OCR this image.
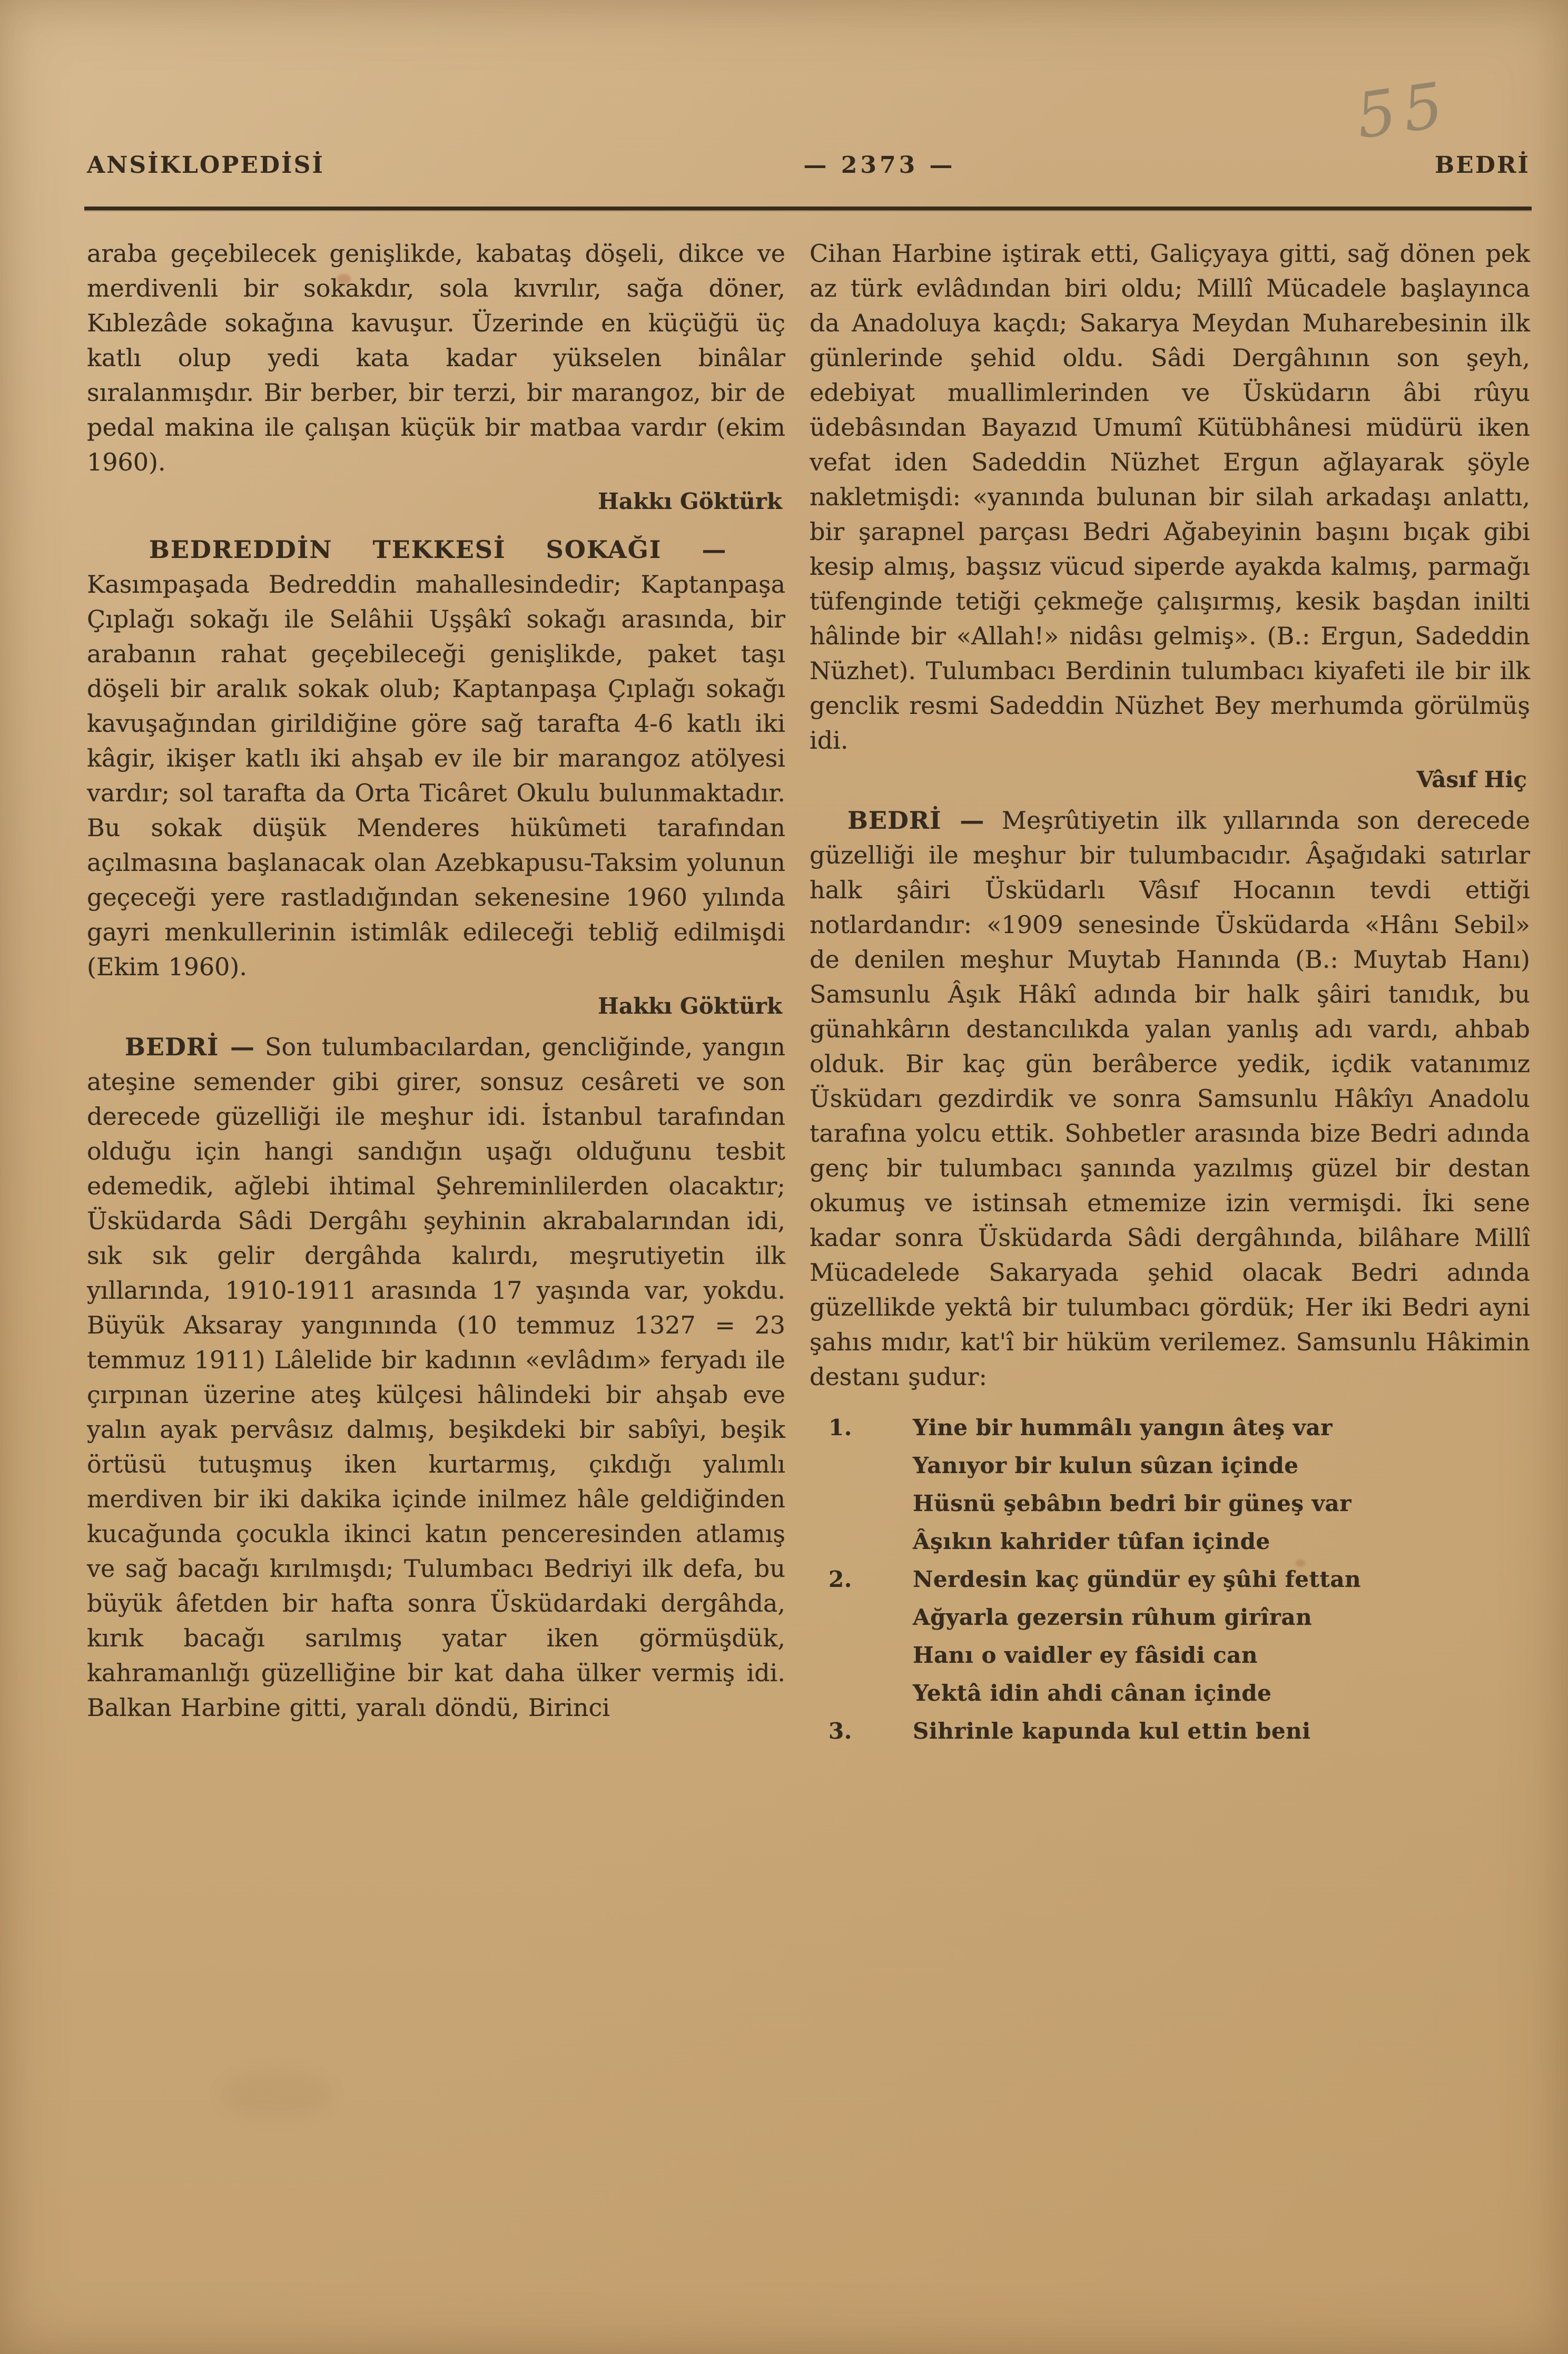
55
ANSİKLOPEDİSİ	— 2373 —	BEDRİ

araba geçebilecek genişlikde, kabataş döşeli, dikce ve merdivenli bir sokakdır, sola kıvrılır, sağa döner, Kıblezâde sokağına kavuşur. Üzerinde en küçüğü üç katlı olup yedi kata kadar yükselen binâlar sıralanmışdır. Bir berber, bir terzi, bir marangoz, bir de pedal makina ile çalışan küçük bir matbaa vardır (ekim 1960).

Hakkı Göktürk

BEDREDDİN TEKKESİ SOKAĞI —
Kasımpaşada Bedreddin mahallesindedir; Kaptanpaşa Çıplağı sokağı ile Selâhii Uşşâkî sokağı arasında, bir arabanın rahat geçebileceği genişlikde, paket taşı döşeli bir aralık sokak olub; Kaptanpaşa Çıplağı sokağı kavuşağından girildiğine göre sağ tarafta 4-6 katlı iki kâgir, ikişer katlı iki ahşab ev ile bir marangoz atölyesi vardır; sol tarafta da Orta Ticâret Okulu bulunmaktadır. Bu sokak düşük Menderes hükûmeti tarafından açılmasına başlanacak olan Azebkapusu-Taksim yolunun geçeceği yere rastladığından sekenesine 1960 yılında gayri menkullerinin istimlâk edileceği tebliğ edilmişdi (Ekim 1960).

Hakkı Göktürk

BEDRİ — Son tulumbacılardan, gencliğinde, yangın ateşine semender gibi girer, sonsuz cesâreti ve son derecede güzelliği ile meşhur idi. İstanbul tarafından olduğu için hangi sandığın uşağı olduğunu tesbit edemedik, ağlebi ihtimal Şehreminlilerden olacaktır; Üsküdarda Sâdi Dergâhı şeyhinin akrabalarından idi, sık sık gelir dergâhda kalırdı, meşrutiyetin ilk yıllarında, 1910-1911 arasında 17 yaşında var, yokdu. Büyük Aksaray yangınında (10 temmuz 1327 = 23 temmuz 1911) Lâlelide bir kadının «evlâdım» feryadı ile çırpınan üzerine ateş külçesi hâlindeki bir ahşab eve yalın ayak pervâsız dalmış, beşikdeki bir sabîyi, beşik örtüsü tutuşmuş iken kurtarmış, çıkdığı yalımlı merdiven bir iki dakika içinde inilmez hâle geldiğinden kucağunda çocukla ikinci katın penceresinden atlamış ve sağ bacağı kırılmışdı; Tulumbacı Bedriyi ilk defa, bu büyük âfetden bir hafta sonra Üsküdardaki dergâhda, kırık bacağı sarılmış yatar iken görmüşdük, kahramanlığı güzelliğine bir kat daha ülker vermiş idi. Balkan Harbine gitti, yaralı döndü, Birinci

Cihan Harbine iştirak etti, Galiçyaya gitti, sağ dönen pek az türk evlâdından biri oldu; Millî Mücadele başlayınca da Anadoluya kaçdı; Sakarya Meydan Muharebesinin ilk günlerinde şehid oldu. Sâdi Dergâhının son şeyh, edebiyat muallimlerinden ve Üsküdarın âbi rûyu üdebâsından Bayazıd Umumî Kütübhânesi müdürü iken vefat iden Sadeddin Nüzhet Ergun ağlayarak şöyle nakletmişdi: «yanında bulunan bir silah arkadaşı anlattı, bir şarapnel parçası Bedri Ağabeyinin başını bıçak gibi kesip almış, başsız vücud siperde ayakda kalmış, parmağı tüfenginde tetiği çekmeğe çalışırmış, kesik başdan inilti hâlinde bir «Allah!» nidâsı gelmiş». (B.: Ergun, Sadeddin Nüzhet). Tulumbacı Berdinin tulumbacı kiyafeti ile bir ilk genclik resmi Sadeddin Nüzhet Bey merhumda görülmüş idi.

Vâsıf Hiç

BEDRİ — Meşrûtiyetin ilk yıllarında son derecede güzelliği ile meşhur bir tulumbacıdır. Âşağıdaki satırlar halk şâiri Üsküdarlı Vâsıf Hocanın tevdi ettiği notlardandır: «1909 senesinde Üsküdarda «Hânı Sebil» de denilen meşhur Muytab Hanında (B.: Muytab Hanı) Samsunlu Âşık Hâkî adında bir halk şâiri tanıdık, bu günahkârın destancılıkda yalan yanlış adı vardı, ahbab olduk. Bir kaç gün berâberce yedik, içdik vatanımız Üsküdarı gezdirdik ve sonra Samsunlu Hâkîyı Anadolu tarafına yolcu ettik. Sohbetler arasında bize Bedri adında genç bir tulumbacı şanında yazılmış güzel bir destan okumuş ve istinsah etmemize izin vermişdi. İki sene kadar sonra Üsküdarda Sâdi dergâhında, bilâhare Millî Mücadelede Sakaryada şehid olacak Bedri adında güzellikde yektâ bir tulumbacı gördük; Her iki Bedri ayni şahıs mıdır, kat'î bir hüküm verilemez. Samsunlu Hâkimin destanı şudur:

1.	Yine bir hummâlı yangın âteş var
Yanıyor bir kulun sûzan içinde
Hüsnü şebâbın bedri bir güneş var
Âşıkın kahrider tûfan içinde
2.	Nerdesin kaç gündür ey şûhi fettan
Ağyarla gezersin rûhum girîran
Hanı o vaidler ey fâsidi can
Yektâ idin ahdi cânan içinde
3.	Sihrinle kapunda kul ettin beni
